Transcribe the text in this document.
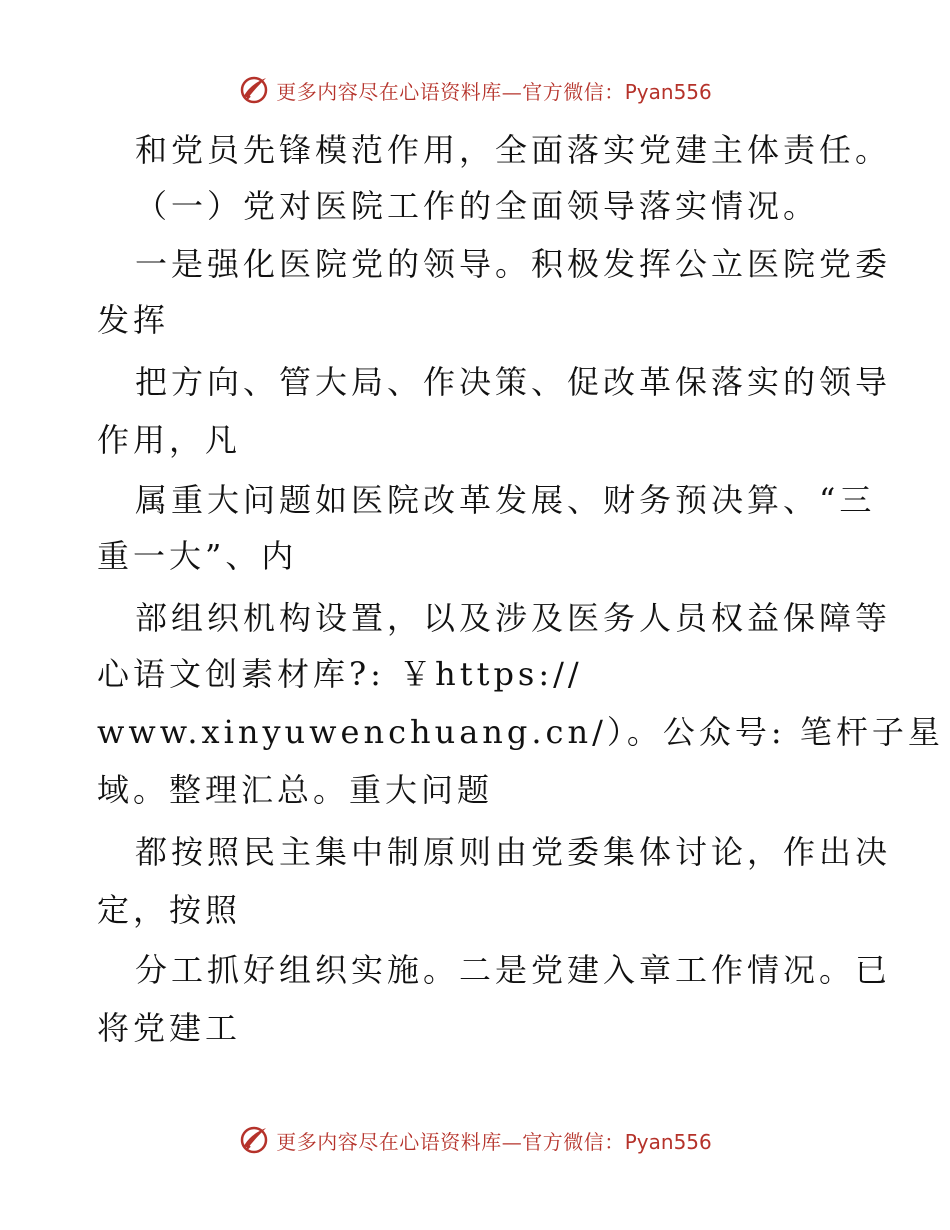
更多内容尽在心语资料库—官方微信：Pyan556
和党员先锋模范作用，全面落实党建主体责任。
（一）党对医院工作的全面领导落实情况。
一是强化医院党的领导。积极发挥公立医院党委
发挥
把方向、管大局、作决策、促改革保落实的领导
作用，凡
属重大问题如医院改革发展、财务预决算、“三
重一大”、内
部组织机构设置，以及涉及医务人员权益保障等
心语文创素材库?: ￥https://
www.xinyuwenchuang.cn/）。公众号: 笔杆子星
域。整理汇总。重大问题
都按照民主集中制原则由党委集体讨论，作出决
定，按照
分工抓好组织实施。二是党建入章工作情况。已
将党建工
更多内容尽在心语资料库—官方微信：Pyan556
